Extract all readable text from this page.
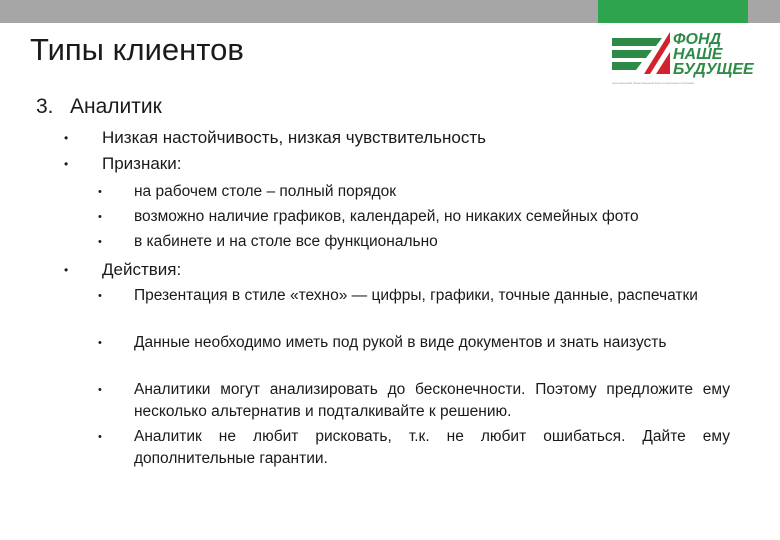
Типы клиентов	ФОНД
НАШЕ
БУДУЩЕЕ
региональный общественный фонд социальных программ
3. Аналитик
• Низкая настойчивость, низкая чувствительность
• Признаки:
• на рабочем столе – полный порядок
• возможно наличие графиков, календарей, но никаких семейных фото
• в кабинете и на столе все функционально
• Действия:
• Презентация в стиле «техно» — цифры, графики, точные данные, распечатки
• Данные необходимо иметь под рукой в виде документов и знать наизусть
• Аналитики могут анализировать до бесконечности. Поэтому предложите ему несколько альтернатив и подталкивайте к решению.
• Аналитик не любит рисковать, т.к. не любит ошибаться. Дайте ему дополнительные гарантии.
